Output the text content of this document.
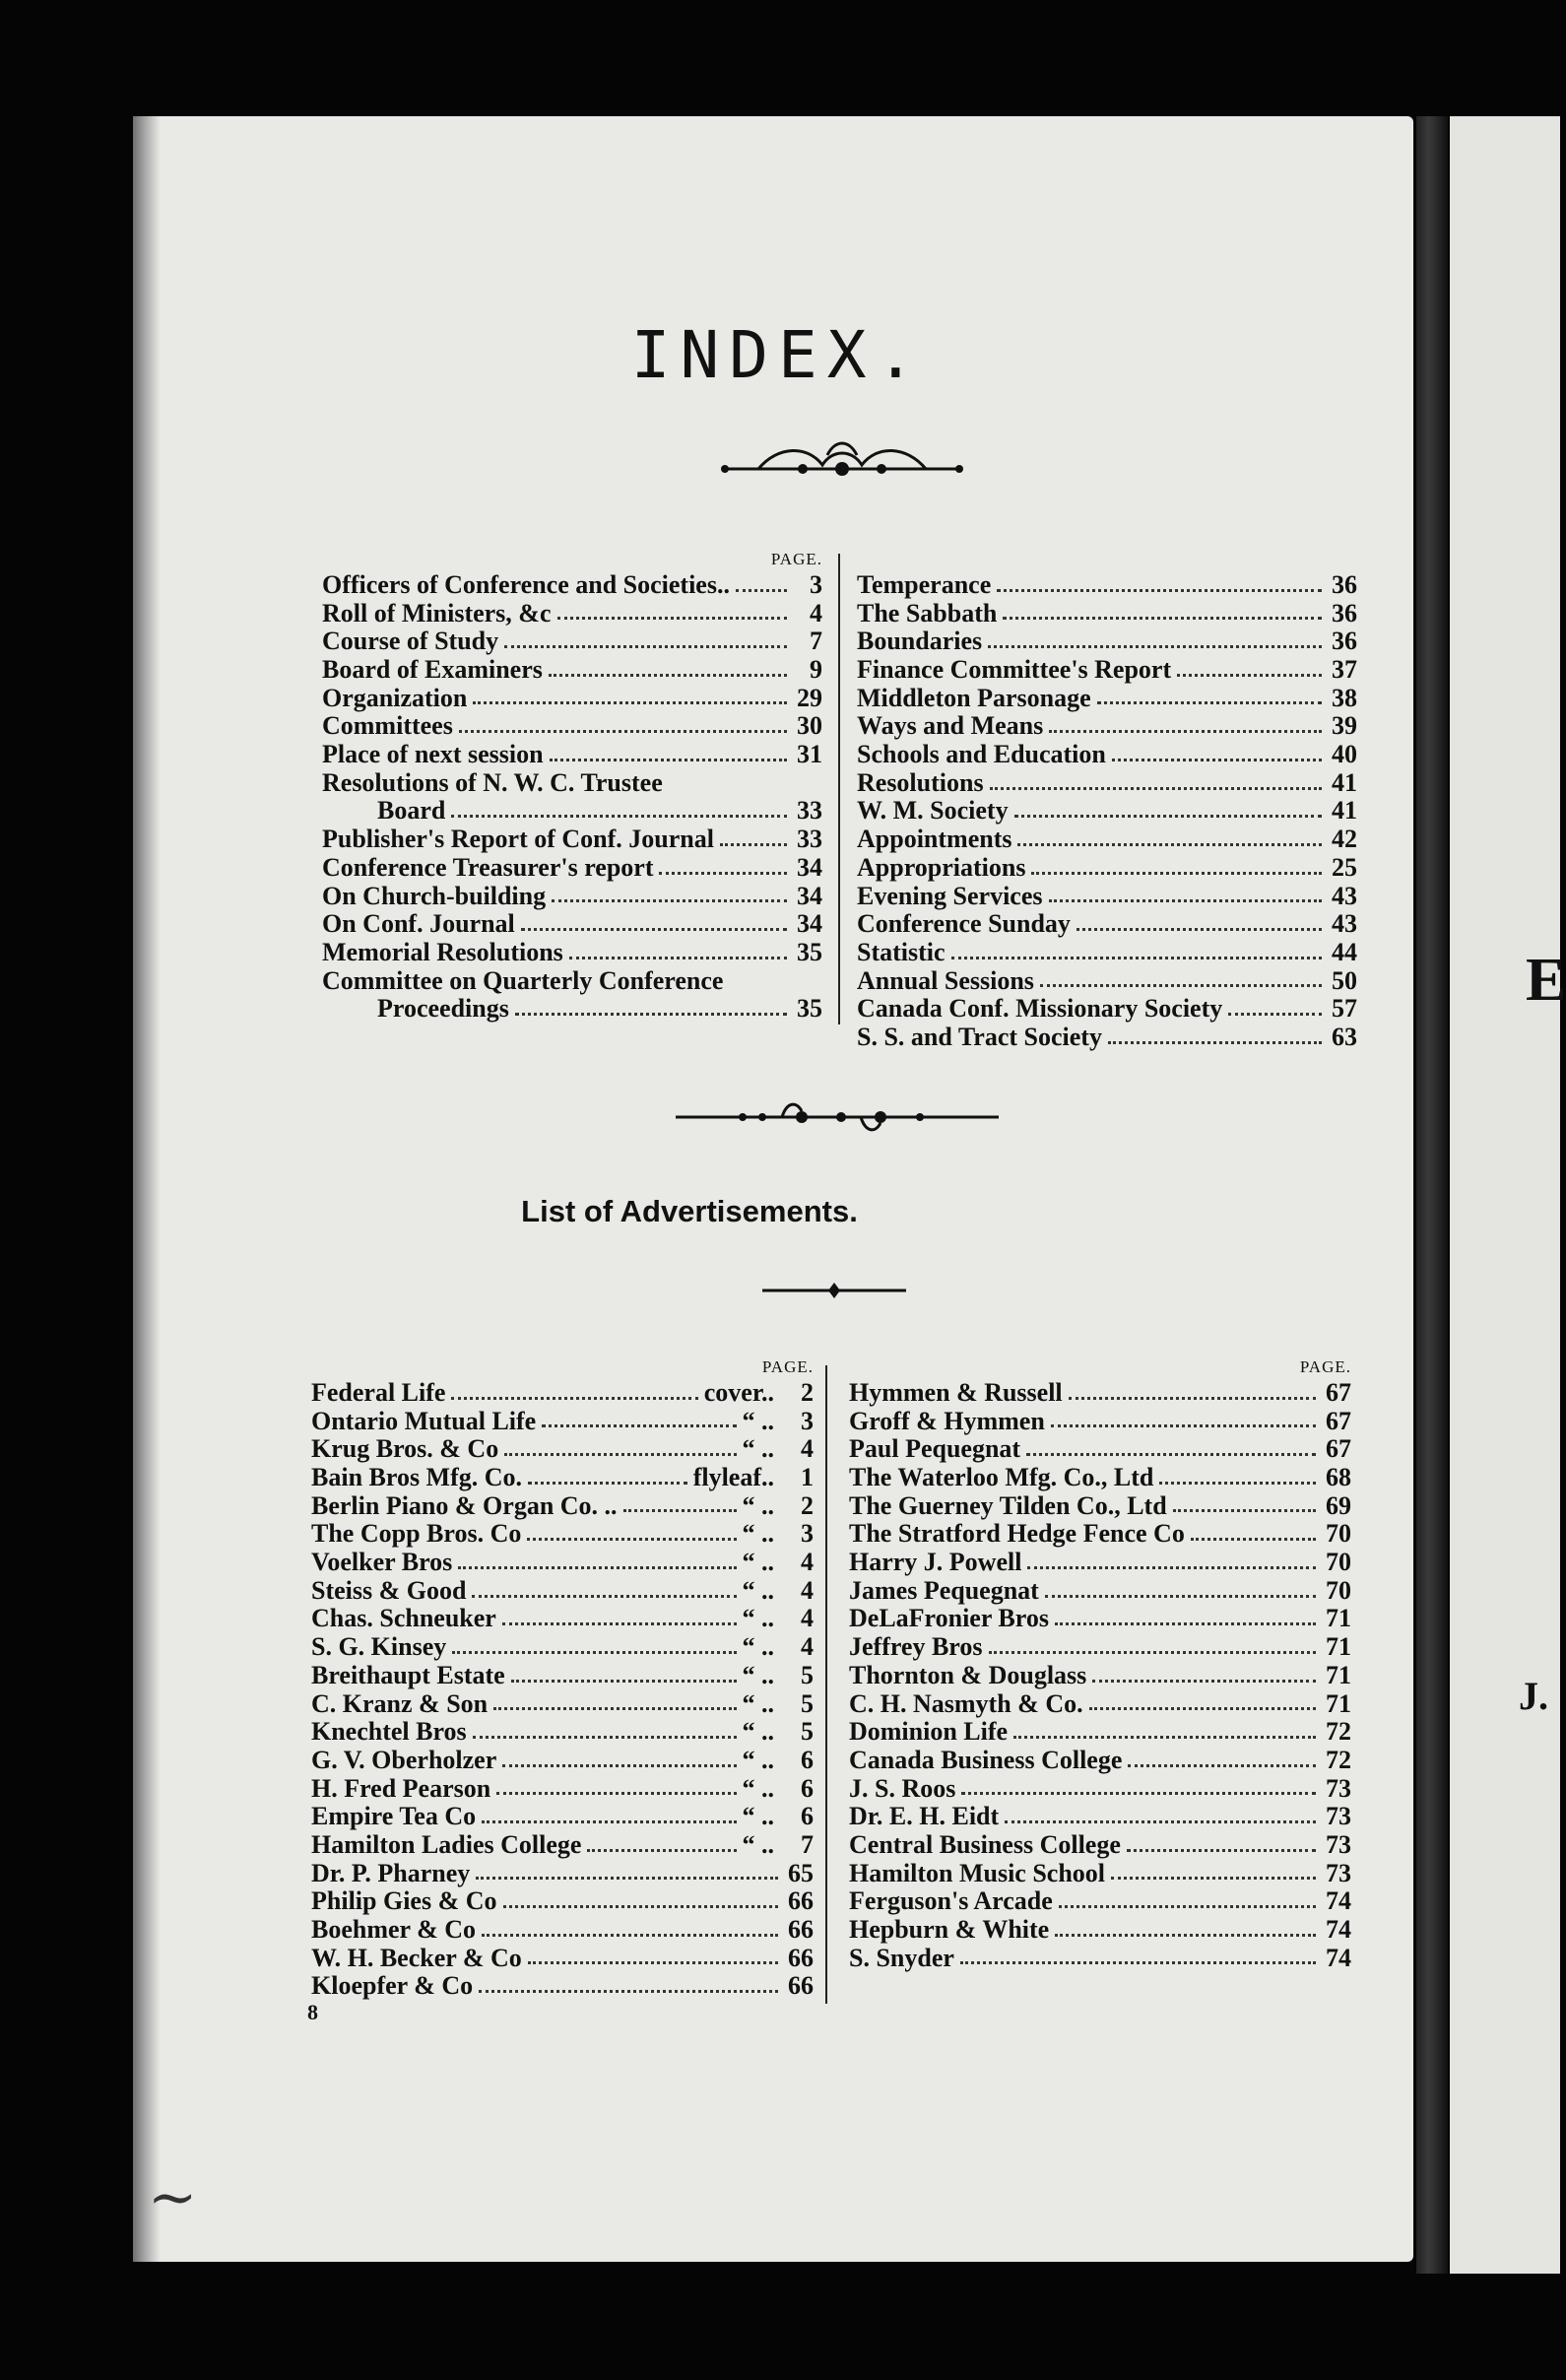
E
J.
INDEX.
PAGE.
Officers of Conference and Societies..	3
Roll of Ministers, &c	4
Course of Study	7
Board of Examiners	9
Organization	29
Committees	30
Place of next session	31
Resolutions of N. W. C. Trustee
Board	33
Publisher's Report of Conf. Journal	33
Conference Treasurer's report	34
On Church-building	34
On Conf. Journal	34
Memorial Resolutions	35
Committee on Quarterly Conference
Proceedings	35
Temperance	36
The Sabbath	36
Boundaries	36
Finance Committee's Report	37
Middleton Parsonage	38
Ways and Means	39
Schools and Education	40
Resolutions	41
W. M. Society	41
Appointments	42
Appropriations	25
Evening Services	43
Conference Sunday	43
Statistic	44
Annual Sessions	50
Canada Conf. Missionary Society	57
S. S. and Tract Society	63
List of Advertisements.
PAGE.
Federal Life	cover..	2
Ontario Mutual Life	“ ..	3
Krug Bros. & Co	“ ..	4
Bain Bros Mfg. Co.	flyleaf..	1
Berlin Piano & Organ Co. ..	“ ..	2
The Copp Bros. Co	“ ..	3
Voelker Bros	“ ..	4
Steiss & Good	“ ..	4
Chas. Schneuker	“ ..	4
S. G. Kinsey	“ ..	4
Breithaupt Estate	“ ..	5
C. Kranz & Son	“ ..	5
Knechtel Bros	“ ..	5
G. V. Oberholzer	“ ..	6
H. Fred Pearson	“ ..	6
Empire Tea Co	“ ..	6
Hamilton Ladies College	“ ..	7
Dr. P. Pharney	65
Philip Gies & Co	66
Boehmer & Co	66
W. H. Becker & Co	66
Kloepfer & Co	66
PAGE.
Hymmen & Russell	67
Groff & Hymmen	67
Paul Pequegnat	67
The Waterloo Mfg. Co., Ltd	68
The Guerney Tilden Co., Ltd	69
The Stratford Hedge Fence Co	70
Harry J. Powell	70
James Pequegnat	70
DeLaFronier Bros	71
Jeffrey Bros	71
Thornton & Douglass	71
C. H. Nasmyth & Co.	71
Dominion Life	72
Canada Business College	72
J. S. Roos	73
Dr. E. H. Eidt	73
Central Business College	73
Hamilton Music School	73
Ferguson's Arcade	74
Hepburn & White	74
S. Snyder	74
8
~
